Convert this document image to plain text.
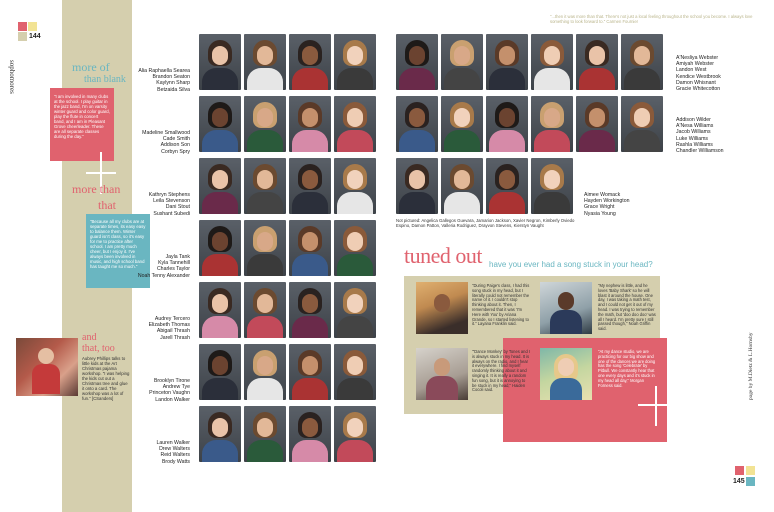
144
sophomores	more of
than blank
"I am involved in many clubs at the school. I play guitar in the jazz band, I'm on varsity winter guard and color guard, play the flute in concert band, and I am in Pleasant Grove cheerleader. These are all separate classes during the day."
more than
that
"Because all my clubs are at separate times, its easy easy to balance them. Winter guard isn't class, so it's easy for me to practice after school. I am pretty much cheer, but I enjoy it. I've always been involved in music, and high school band has taught me so much."
and
that, too
Aubrey Phillips talks to little kids at the Art Christmas pajama workshop. "I was helping the kids cut out a Christmas tree and glue it onto a card. The workshop was a lot of fun." [CSanders]
Alia Raphaella Searea
Brandon Seaton
Kaylynn Sharp
Betzaida Silva
Madeline Smallwood
Cade Smith
Addison Son
Corbyn Spry
Kathryn Stephens
Leila Stevenson
Dani Stout
Sushant Subedi
Jayla Tank
Kyla Tannehill
Charles Taylor
Noah Tenny Alexander
Audrey Tercero
Elizabeth Thomas
Abigail Thrash
Jarell Thrash
Brooklyn Tirone
Andrew Tye
Princeton Vaughn
Landon Walker
Lauren Walker
Drew Walters
Reid Walters
Brody Watts
"...then it was more than that. There's not just a local feeling throughout the school you become. I always love something to look forward to." Carmen Fournier
A'Nesliya Webster
Amiyah Webster
Landon West
Kendice Westbrook
Damon Whisnant
Gracie Whitecotton
Addison Wilder
A'Nesa Williams
Jacob Williams
Luke Williams
Rashla Williams
Chandler Williamson
Aimee Womack
Hayden Workington
Grace Wright
Nyasia Young
Not pictured: Angelica Gallegos Guevara, Jamarion Jackson, Xavier Negron, Kimberly Oviedo Espino, Damon Patton, Valleria Rodriguez, Drayvon Stevens, Kierstyn Vaught
tuned out have you ever had a song stuck in your head?
"During Paige's class, I had this song stuck in my head, but I literally could not remember the name of it. I couldn't stop thinking about it. Then, I remembered that it was 'I'm Here with You' by Ariana Grande, so I started listening to it." Layana Franklin said.
"My nephew is little, and he loves 'Baby Shark' so he will blast it around the house. One day, I was taking a math test, and I could not get it out of my head. I was trying to remember the math, but 'doo doo doo' was all I heard. I'm pretty sure I still passed though," Noah Griffin said.
"'Dance Monkey' by Tones and I is always stuck in my head. It is always on the radio, and I hear it everywhere. I find myself randomly thinking about it and singing it. It is really a random fun song, but it is annoying to be stuck in my head," Haiden Cocoli said.
"At my dance studio, we are practicing for our big show and one of the dances we are doing has the song 'Celebrate' by Pitbull. We constantly hear that one every days and it's stuck in my head all day," Morgan Forness said.	page by M.Dietz & L.Hornsby
145
